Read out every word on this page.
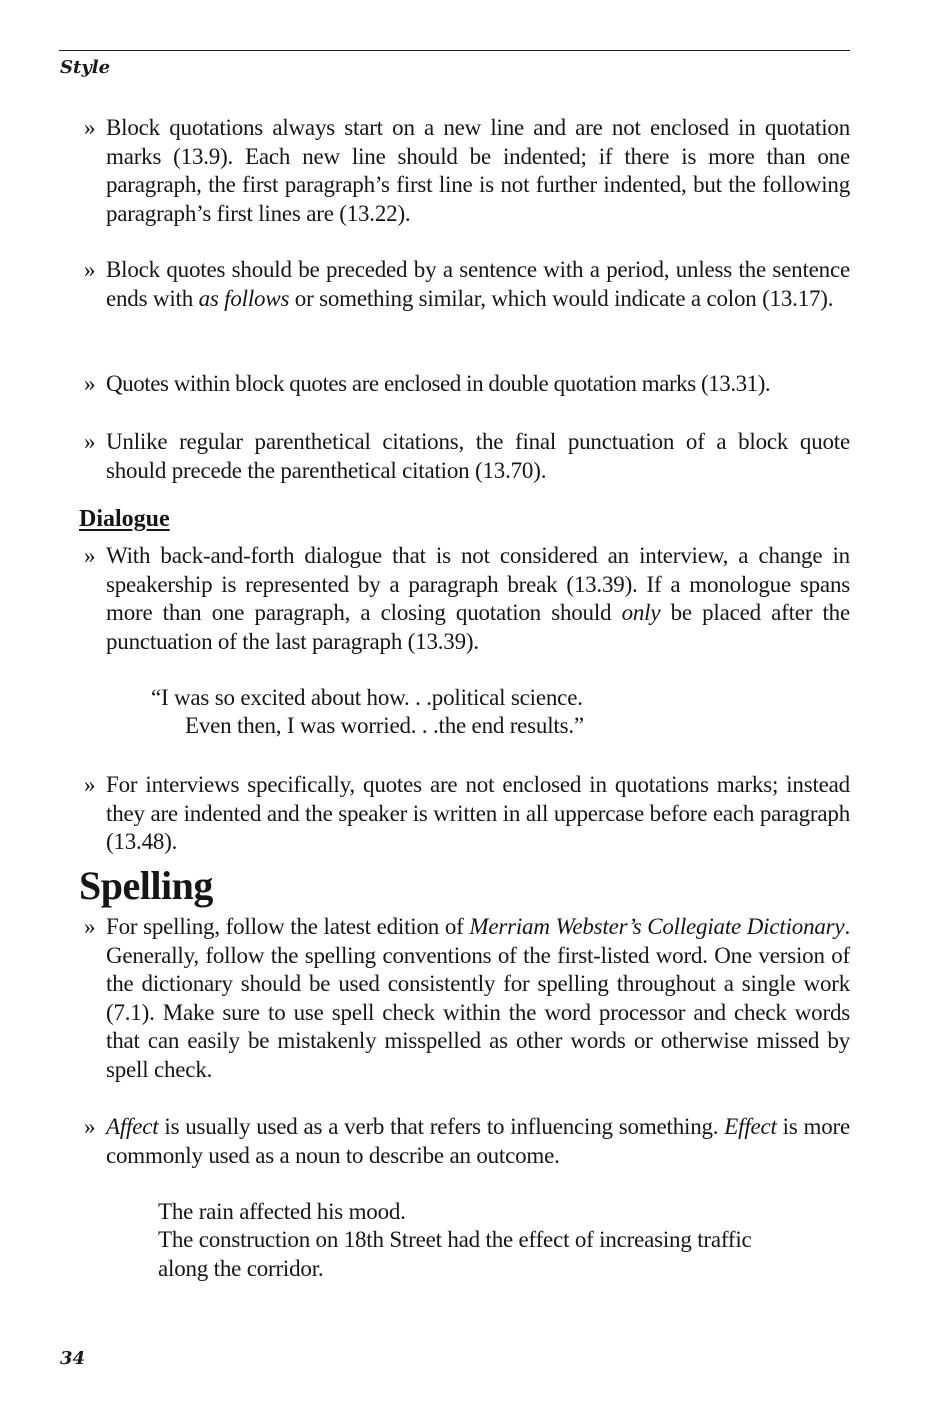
Style
» Block quotations always start on a new line and are not enclosed in quotation marks (13.9). Each new line should be indented; if there is more than one paragraph, the first paragraph’s first line is not further indented, but the following paragraph’s first lines are (13.22).
» Block quotes should be preceded by a sentence with a period, unless the sentence ends with as follows or something similar, which would indicate a colon (13.17).
» Quotes within block quotes are enclosed in double quotation marks (13.31).
» Unlike regular parenthetical citations, the final punctuation of a block quote should precede the parenthetical citation (13.70).
Dialogue
» With back-and-forth dialogue that is not considered an interview, a change in speakership is represented by a paragraph break (13.39). If a monologue spans more than one paragraph, a closing quotation should only be placed after the punctuation of the last paragraph (13.39).
“I was so excited about how. . .political science.
Even then, I was worried. . .the end results.”
» For interviews specifically, quotes are not enclosed in quotations marks; instead they are indented and the speaker is written in all uppercase before each paragraph (13.48).
Spelling
» For spelling, follow the latest edition of Merriam Webster’s Collegiate Dictionary. Generally, follow the spelling conventions of the first-listed word. One version of the dictionary should be used consistently for spelling throughout a single work (7.1). Make sure to use spell check within the word processor and check words that can easily be mistakenly misspelled as other words or otherwise missed by spell check.
» Affect is usually used as a verb that refers to influencing something. Effect is more commonly used as a noun to describe an outcome.
The rain affected his mood.
The construction on 18th Street had the effect of increasing traffic
along the corridor.
34
